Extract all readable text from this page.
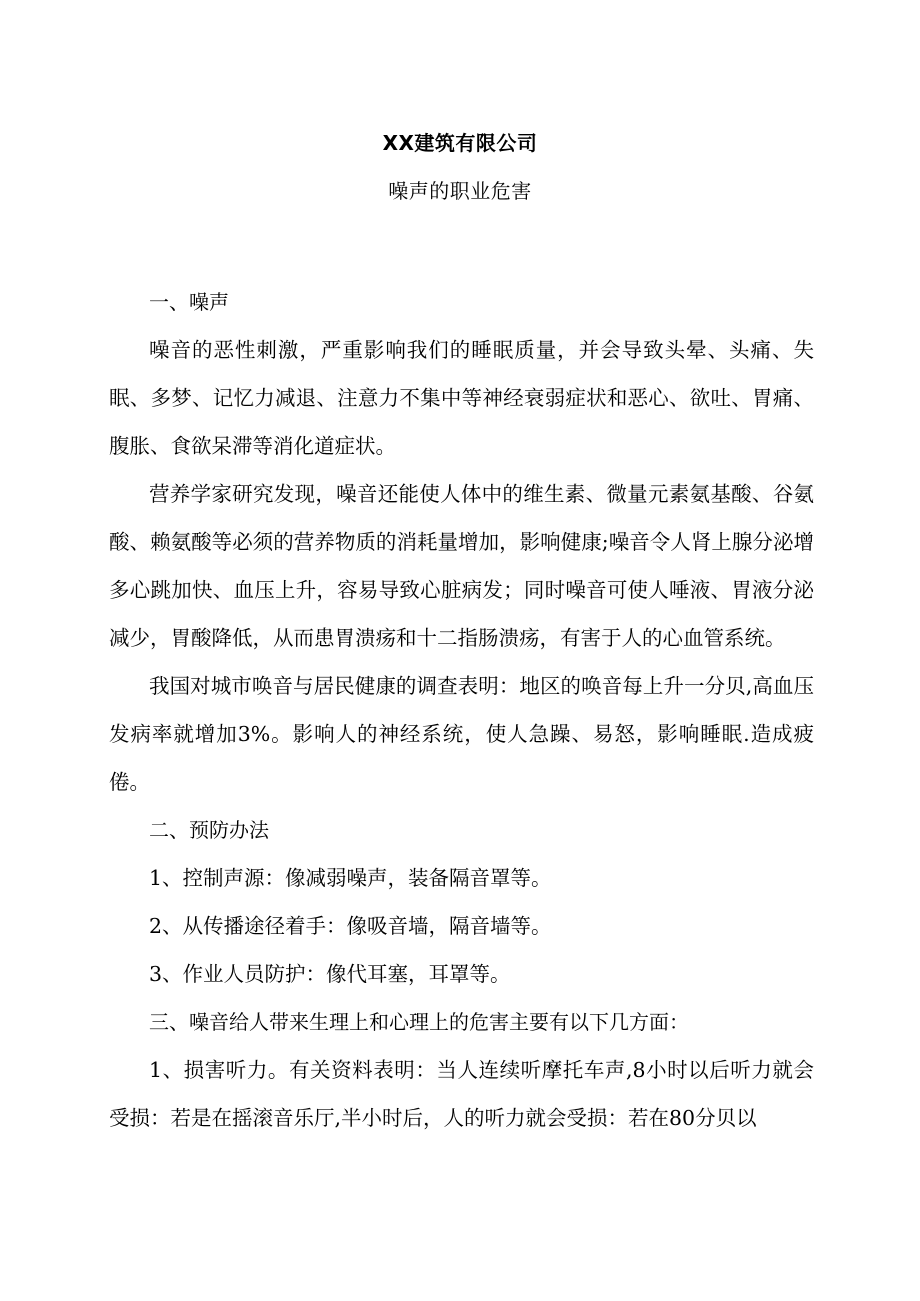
XX建筑有限公司
噪声的职业危害

一、噪声

噪音的恶性刺激，严重影响我们的睡眠质量，并会导致头晕、头痛、失眠、多梦、记忆力减退、注意力不集中等神经衰弱症状和恶心、欲吐、胃痛、腹胀、食欲呆滞等消化道症状。

营养学家研究发现，噪音还能使人体中的维生素、微量元素氨基酸、谷氨酸、赖氨酸等必须的营养物质的消耗量增加，影响健康;噪音令人肾上腺分泌增多心跳加快、血压上升，容易导致心脏病发；同时噪音可使人唾液、胃液分泌减少，胃酸降低，从而患胃溃疡和十二指肠溃疡，有害于人的心血管系统。

我国对城市唤音与居民健康的调查表明：地区的唤音每上升一分贝,高血压发病率就增加3%。影响人的神经系统，使人急躁、易怒，影响睡眠.造成疲倦。

二、预防办法

1、控制声源：像减弱噪声，装备隔音罩等。

2、从传播途径着手：像吸音墙，隔音墙等。

3、作业人员防护：像代耳塞，耳罩等。

三、噪音给人带来生理上和心理上的危害主要有以下几方面：

1、损害听力。有关资料表明：当人连续听摩托车声,8小时以后听力就会受损：若是在摇滚音乐厅,半小时后，人的听力就会受损：若在80分贝以
